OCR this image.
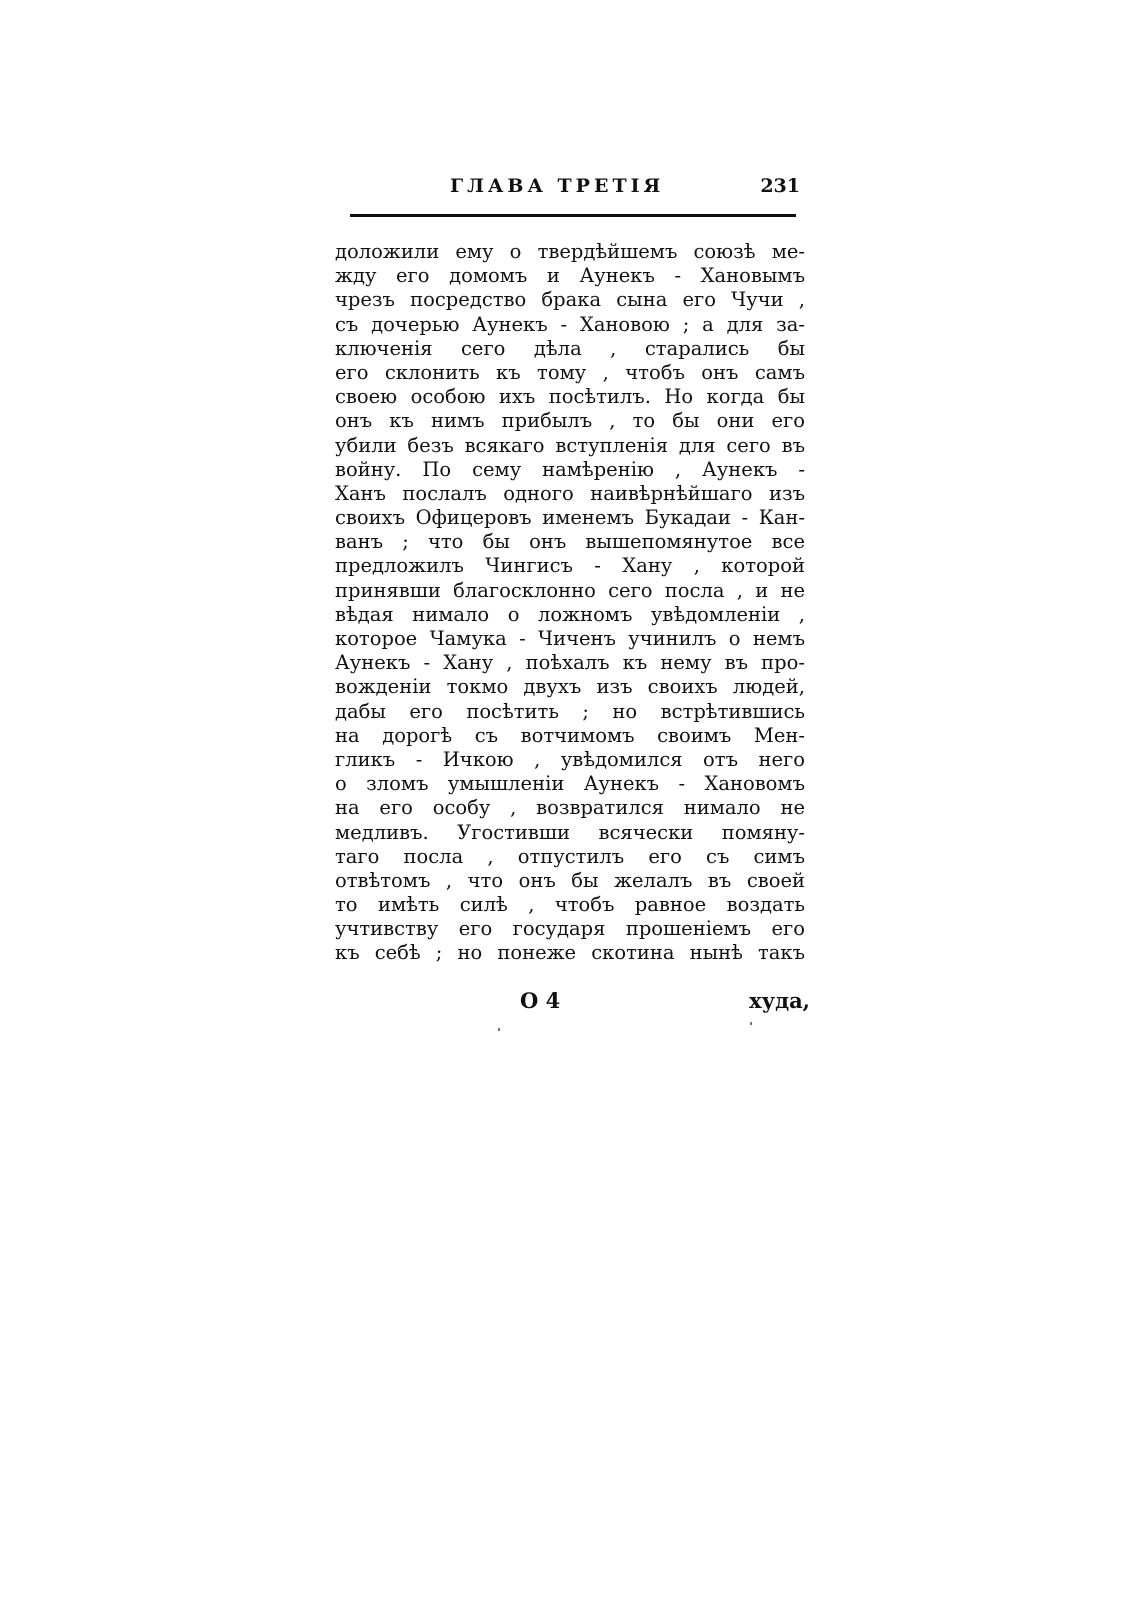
ГЛАВА ТРЕТІЯ	231
доложили ему о твердѣйшемъ союзѣ ме-
жду его домомъ и Аунекъ - Хановымъ
чрезъ посредство брака сына его Чучи ,
съ дочерью Аунекъ - Хановою ; а для за-
ключенія сего дѣла , старались бы
его склонить къ тому , чтобъ онъ самъ
своею особою ихъ посѣтилъ. Но когда бы
онъ къ нимъ прибылъ , то бы они его
убили безъ всякаго вступленія для сего въ
войну. По сему намѣренію , Аунекъ -
Ханъ послалъ одного наивѣрнѣйшаго изъ
своихъ Офицеровъ именемъ Букадаи - Кан-
ванъ ; что бы онъ вышепомянутое все
предложилъ Чингисъ - Хану , которой
принявши благосклонно сего посла , и не
вѣдая нимало о ложномъ увѣдомленіи ,
которое Чамука - Чиченъ учинилъ о немъ
Аунекъ - Хану , поѣхалъ къ нему въ про-
вожденіи токмо двухъ изъ своихъ людей,
дабы его посѣтить ; но встрѣтившись
на дорогѣ съ вотчимомъ своимъ Мен-
гликъ - Ичкою , увѣдомился отъ него
о зломъ умышленіи Аунекъ - Хановомъ
на его особу , возвратился нимало не
медливъ. Угостивши всячески помяну-
таго посла , отпустилъ его съ симъ
отвѣтомъ , что онъ бы желалъ въ своей
то имѣть силѣ , чтобъ равное воздать
учтивству его государя прошеніемъ его
къ себѣ ; но понеже скотина нынѣ такъ
О 4	худа,
